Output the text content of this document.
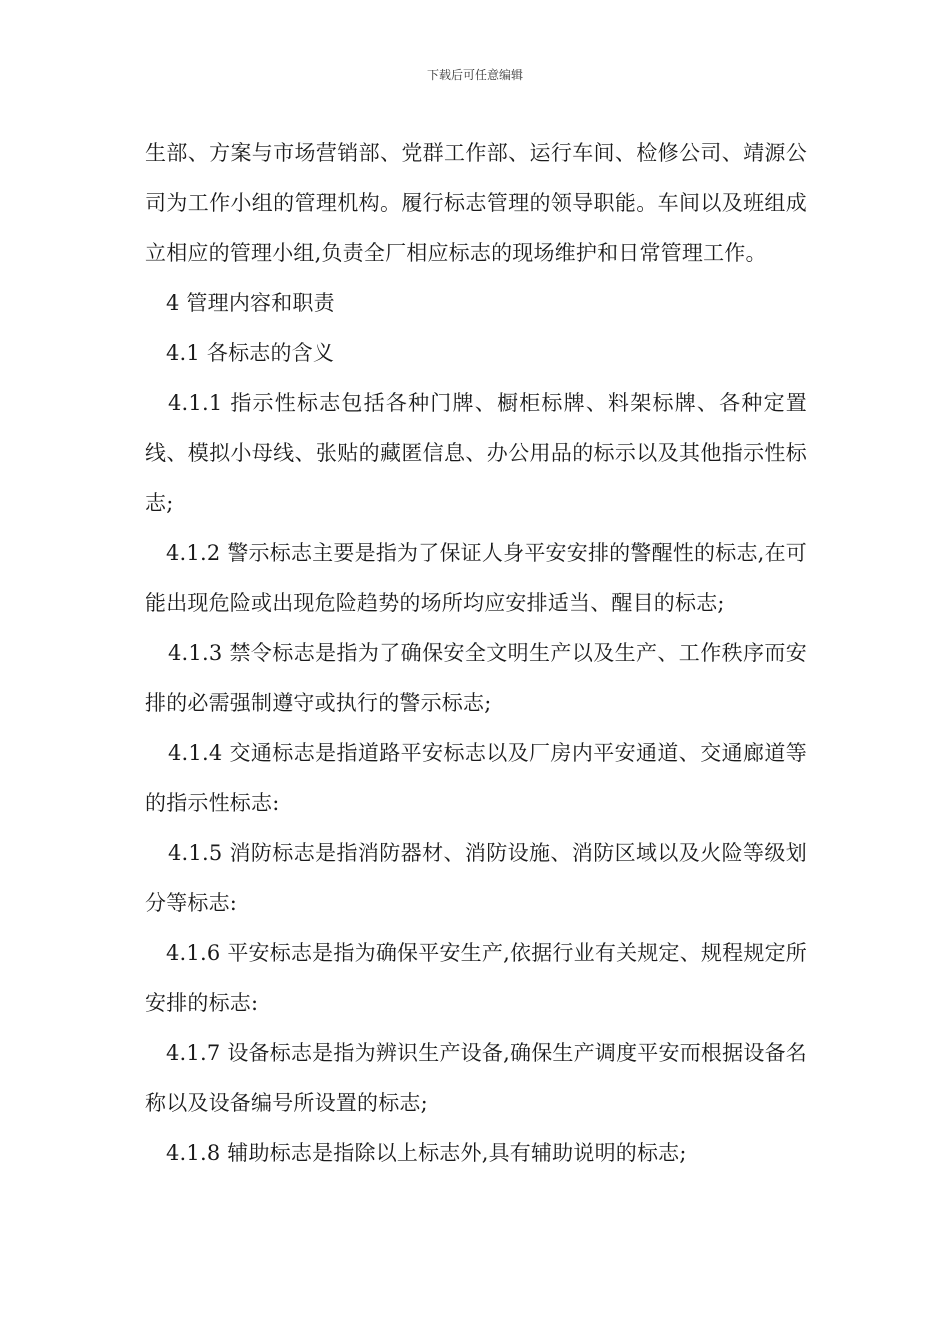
下载后可任意编辑

生部、方案与市场营销部、党群工作部、运行车间、检修公司、靖源公司为工作小组的管理机构。履行标志管理的领导职能。车间以及班组成立相应的管理小组,负责全厂相应标志的现场维护和日常管理工作。

4 管理内容和职责

4.1 各标志的含义

4.1.1 指示性标志包括各种门牌、橱柜标牌、料架标牌、各种定置线、模拟小母线、张贴的藏匿信息、办公用品的标示以及其他指示性标志;

4.1.2 警示标志主要是指为了保证人身平安安排的警醒性的标志,在可能出现危险或出现危险趋势的场所均应安排适当、醒目的标志;

4.1.3 禁令标志是指为了确保安全文明生产以及生产、工作秩序而安排的必需强制遵守或执行的警示标志;

4.1.4 交通标志是指道路平安标志以及厂房内平安通道、交通廊道等的指示性标志:

4.1.5 消防标志是指消防器材、消防设施、消防区域以及火险等级划分等标志:

4.1.6 平安标志是指为确保平安生产,依据行业有关规定、规程规定所安排的标志:

4.1.7 设备标志是指为辨识生产设备,确保生产调度平安而根据设备名称以及设备编号所设置的标志;

4.1.8 辅助标志是指除以上标志外,具有辅助说明的标志;
